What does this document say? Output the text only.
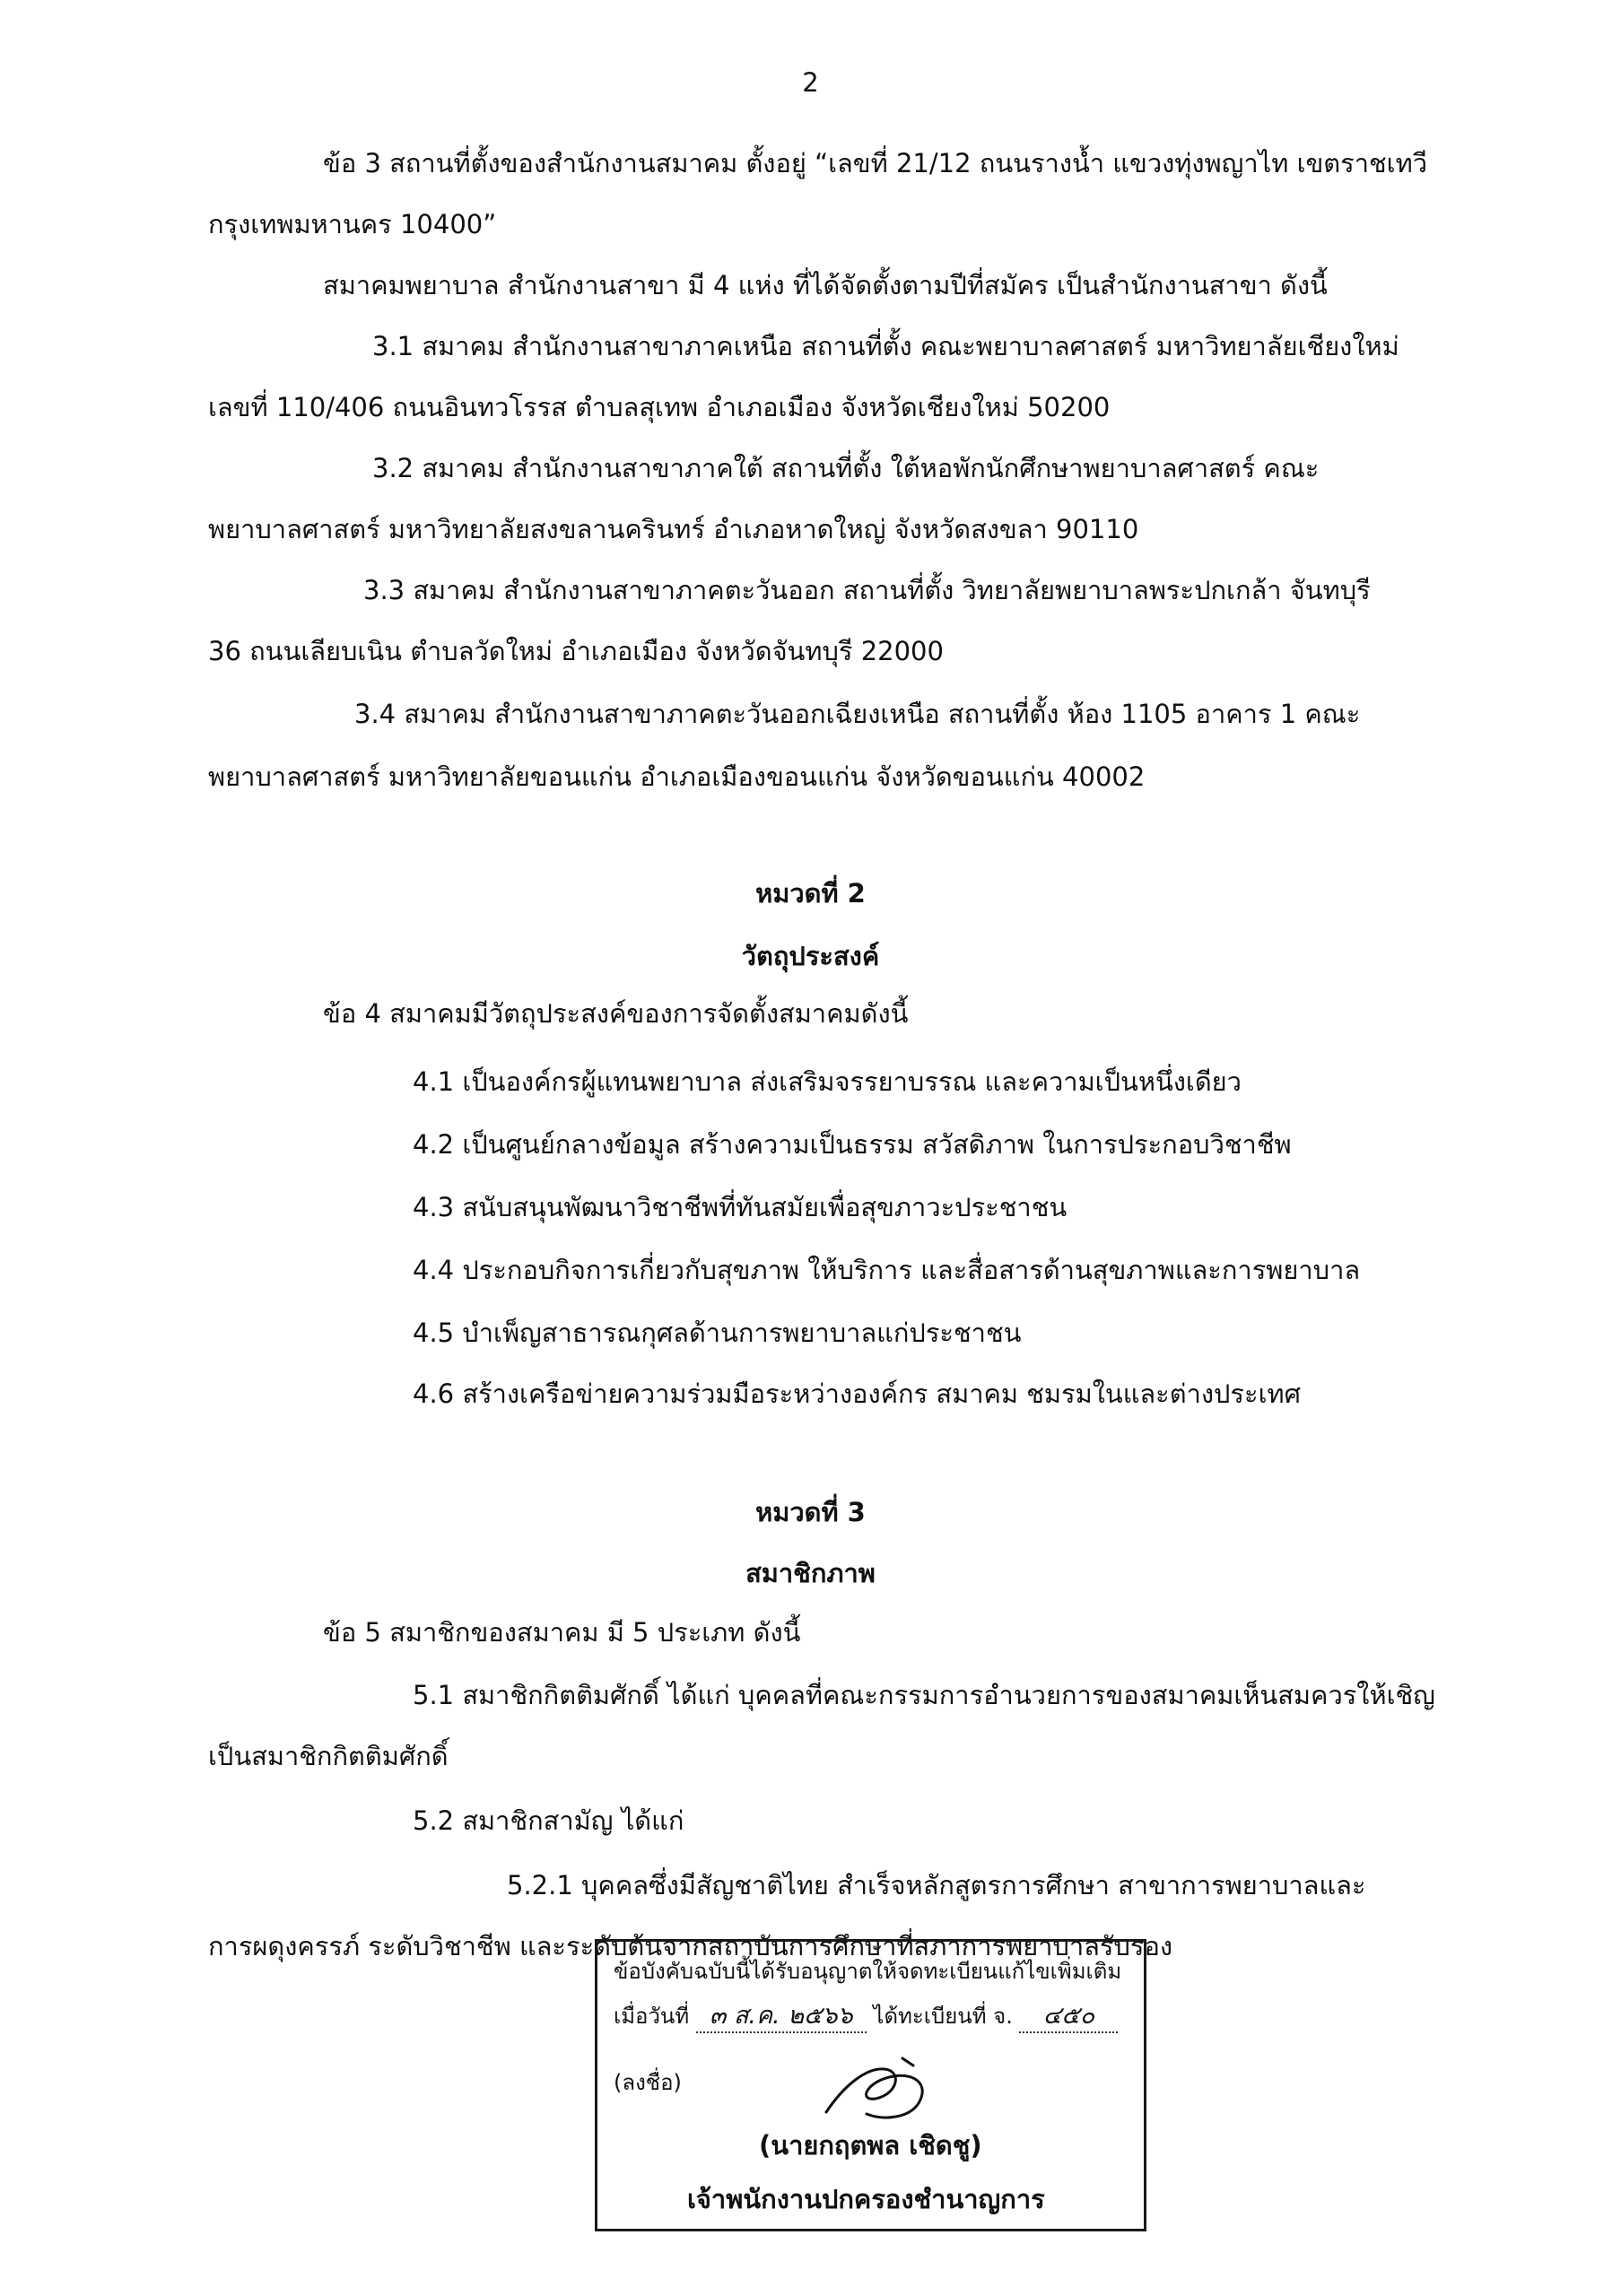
2
ข้อ 3 สถานที่ตั้งของสำนักงานสมาคม ตั้งอยู่ “เลขที่ 21/12 ถนนรางน้ำ แขวงทุ่งพญาไท เขตราชเทวี
กรุงเทพมหานคร 10400”
สมาคมพยาบาล สำนักงานสาขา มี 4 แห่ง ที่ได้จัดตั้งตามปีที่สมัคร เป็นสำนักงานสาขา ดังนี้
3.1 สมาคม สำนักงานสาขาภาคเหนือ สถานที่ตั้ง คณะพยาบาลศาสตร์ มหาวิทยาลัยเชียงใหม่
เลขที่ 110/406 ถนนอินทวโรรส ตำบลสุเทพ อำเภอเมือง จังหวัดเชียงใหม่ 50200
3.2 สมาคม สำนักงานสาขาภาคใต้ สถานที่ตั้ง ใต้หอพักนักศึกษาพยาบาลศาสตร์ คณะ
พยาบาลศาสตร์ มหาวิทยาลัยสงขลานครินทร์ อำเภอหาดใหญ่ จังหวัดสงขลา 90110
3.3 สมาคม สำนักงานสาขาภาคตะวันออก สถานที่ตั้ง วิทยาลัยพยาบาลพระปกเกล้า จันทบุรี
36 ถนนเลียบเนิน ตำบลวัดใหม่ อำเภอเมือง จังหวัดจันทบุรี 22000
3.4 สมาคม สำนักงานสาขาภาคตะวันออกเฉียงเหนือ สถานที่ตั้ง ห้อง 1105 อาคาร 1 คณะ
พยาบาลศาสตร์ มหาวิทยาลัยขอนแก่น อำเภอเมืองขอนแก่น จังหวัดขอนแก่น 40002
หมวดที่ 2
วัตถุประสงค์
ข้อ 4 สมาคมมีวัตถุประสงค์ของการจัดตั้งสมาคมดังนี้
4.1 เป็นองค์กรผู้แทนพยาบาล ส่งเสริมจรรยาบรรณ และความเป็นหนึ่งเดียว
4.2 เป็นศูนย์กลางข้อมูล สร้างความเป็นธรรม สวัสดิภาพ ในการประกอบวิชาชีพ
4.3 สนับสนุนพัฒนาวิชาชีพที่ทันสมัยเพื่อสุขภาวะประชาชน
4.4 ประกอบกิจการเกี่ยวกับสุขภาพ ให้บริการ และสื่อสารด้านสุขภาพและการพยาบาล
4.5 บำเพ็ญสาธารณกุศลด้านการพยาบาลแก่ประชาชน
4.6 สร้างเครือข่ายความร่วมมือระหว่างองค์กร สมาคม ชมรมในและต่างประเทศ
หมวดที่ 3
สมาชิกภาพ
ข้อ 5 สมาชิกของสมาคม มี 5 ประเภท ดังนี้
5.1 สมาชิกกิตติมศักดิ์ ได้แก่ บุคคลที่คณะกรรมการอำนวยการของสมาคมเห็นสมควรให้เชิญ
เป็นสมาชิกกิตติมศักดิ์
5.2 สมาชิกสามัญ ได้แก่
5.2.1 บุคคลซึ่งมีสัญชาติไทย สำเร็จหลักสูตรการศึกษา สาขาการพยาบาลและ
การผดุงครรภ์ ระดับวิชาชีพ และระดับต้นจากสถาบันการศึกษาที่สภาการพยาบาลรับรอง
ข้อบังคับฉบับนี้ได้รับอนุญาตให้จดทะเบียนแก้ไขเพิ่มเติม
เมื่อวันที่ ๓ ส.ค. ๒๕๖๖ ได้ทะเบียนที่ จ. ๔๕๐
(ลงชื่อ)
(นายกฤตพล เชิดชู)
เจ้าพนักงานปกครองชำนาญการ
